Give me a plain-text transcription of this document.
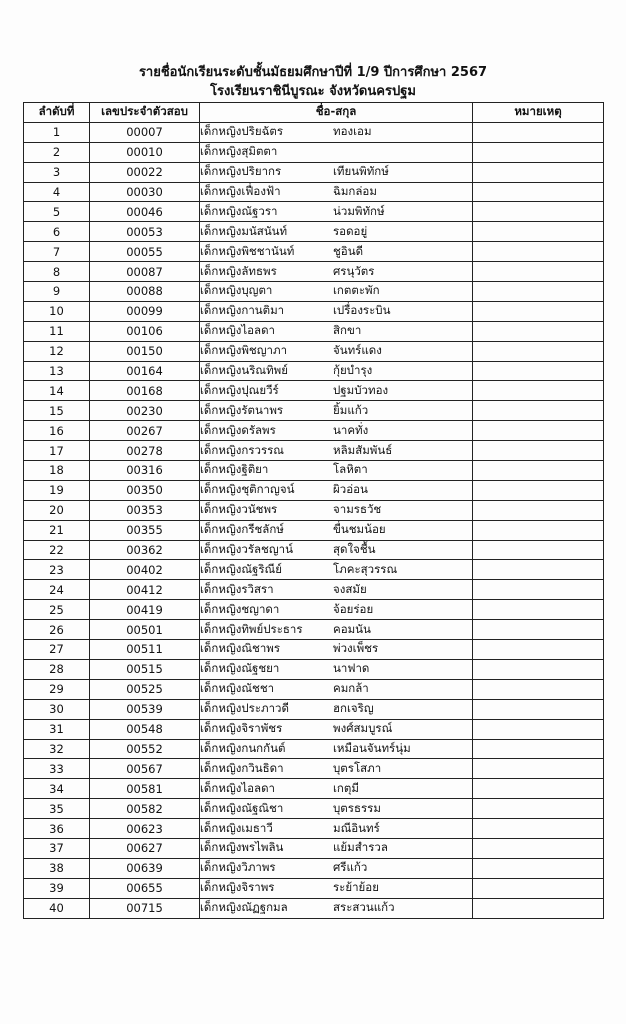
รายชื่อนักเรียนระดับชั้นมัธยมศึกษาปีที่ 1/9 ปีการศึกษา 2567
โรงเรียนราชินีบูรณะ จังหวัดนครปฐม
ลำดับที่	เลขประจำตัวสอบ	ชื่อ-สกุล	หมายเหตุ
1	00007	เด็กหญิงปริยฉัตร ทองเอม	
2	00010	เด็กหญิงสุมิตตา	
3	00022	เด็กหญิงปริยากร เทียนพิทักษ์	
4	00030	เด็กหญิงเฟื่องฟ้า ฉิมกล่อม	
5	00046	เด็กหญิงณัฐวรา น่วมพิทักษ์	
6	00053	เด็กหญิงมนัสนันท์ รอดอยู่	
7	00055	เด็กหญิงพิชชานันท์ ชูอินดี	
8	00087	เด็กหญิงลัทธพร ศรนุวัตร	
9	00088	เด็กหญิงบุญตา เกตตะพัก	
10	00099	เด็กหญิงกานติมา เปรื่องระบิน	
11	00106	เด็กหญิงไอลดา สิกขา	
12	00150	เด็กหญิงพิชญาภา จันทร์แดง	
13	00164	เด็กหญิงนริณทิพย์ กุ้ยบำรุง	
14	00168	เด็กหญิงปุณยวีร์ ปฐมบัวทอง	
15	00230	เด็กหญิงรัตนาพร ยิ้มแก้ว	
16	00267	เด็กหญิงดรัลพร นาคทั่ง	
17	00278	เด็กหญิงกรวรรณ หลิมสัมพันธ์	
18	00316	เด็กหญิงฐิติยา โลหิตา	
19	00350	เด็กหญิงชุติกาญจน์ ผิวอ่อน	
20	00353	เด็กหญิงวนัชพร จามรธวัช	
21	00355	เด็กหญิงกรีชลักษ์ ขื่นชมน้อย	
22	00362	เด็กหญิงวรัลชญาน์ สุดใจชื้น	
23	00402	เด็กหญิงณัฐริณีย์ โภคะสุวรรณ	
24	00412	เด็กหญิงรวิสรา จงสมัย	
25	00419	เด็กหญิงชญาดา จ้อยร่อย	
26	00501	เด็กหญิงทิพย์ประธาร คอมนัน	
27	00511	เด็กหญิงณิชาพร พ่วงเพ็ชร	
28	00515	เด็กหญิงณัฐชยา นาฟาด	
29	00525	เด็กหญิงณัชชา คมกล้า	
30	00539	เด็กหญิงประภาวดี ฮกเจริญ	
31	00548	เด็กหญิงจิราพัชร พงศ์สมบูรณ์	
32	00552	เด็กหญิงกนกกันต์ เหมือนจันทร์นุ่ม	
33	00567	เด็กหญิงกวินธิดา บุตรโสภา	
34	00581	เด็กหญิงไอลดา เกตุมี	
35	00582	เด็กหญิงณัฐณิชา บุตรธรรม	
36	00623	เด็กหญิงเมธาวี มณีอินทร์	
37	00627	เด็กหญิงพรไพลิน แย้มสำรวล	
38	00639	เด็กหญิงวิภาพร ศรีแก้ว	
39	00655	เด็กหญิงจิราพร ระย้าย้อย	
40	00715	เด็กหญิงณัฏฐกมล สระสวนแก้ว	
